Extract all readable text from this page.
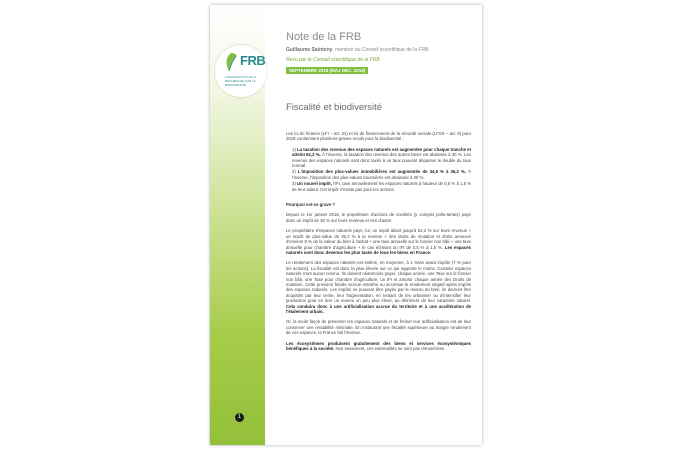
FRB
FONDATION POUR LA RECHERCHE SUR LA BIODIVERSITÉ
1
Note de la FRB
Guillaume Sainteny, membre du Conseil scientifique de la FRB
Revu par le Conseil scientifique de la FRB
SEPTEMBRE 2018 (MÀJ DÉC. 2018)
Fiscalité et biodiversité

Les loi de finance (LFI – art. 31) et loi de financement de la sécurité sociale (LFSS – art. 8) pour 2018 contiennent plusieurs graves reculs pour la biodiversité :

1) La taxation des revenus des espaces naturels est augmentée pour chaque tranche et atteint 62,2 %. À l'inverse, la taxation des revenus des autres biens est abaissée à 30 %. Les revenus des espaces naturels sont donc taxés à un taux pouvant dépasser le double du taux normal.
2) L'imposition des plus-values immobilières est augmentée de 34,5 % à 36,2 %. À l'inverse, l'imposition des plus-values boursières est abaissée à 30 %.
3) Un nouvel impôt, l'IFI, taxe annuellement les espaces naturels à hauteur de 0,5 % à 1,5 % de leur valeur. Cet impôt n'existe pas pour les actions.
Pourquoi est-ce grave ?

Depuis le 1er janvier 2018, le propriétaire d'actions de sociétés (y compris pollu-tantes) paye donc un impôt de 30 % sur leurs revenus et rien d'autre.

Le propriétaire d'espaces naturels paye, lui, un impôt allant jusqu'à 62,2 % sur leurs revenus + un impôt de plus-value de 36,2 % à la revente + des droits de mutation et droits annexes d'environ 8 % de la valeur du bien à l'achat + une taxe annuelle sur le foncier non bâti + une taxe annuelle pour chambre d'agriculture + le cas échéant un IFI de 0,5 % à 1,5 %. Les espaces naturels sont donc devenus les plus taxés de tous les biens en France.

Le rendement des espaces naturels est estimé, en moyenne, à 1 %/an avant impôts (7 % pour les actions). La fiscalité est donc la plus élevée sur ce qui rapporte le moins. Certains espaces naturels n'ont aucun revenu. Ils doivent néanmoins payer, chaque année, une Taxe sur le foncier non bâti, une Taxe pour chambre d'agriculture, un IFI et amortir chaque année des Droits de mutation. Cette pression fiscale accrue entraîne ou accentue le rendement négatif après impôts des espaces naturels. Les impôts ne pouvant être payés par le revenu du bien, ils devront être acquittés par leur vente, leur fragmentation, en tentant de les urbaniser ou d'intensifier leur production pour en tirer un revenu un peu plus élevé, au détriment de leur caractère naturel. Cela conduira donc à une artificialisation accrue du territoire et à une accélération de l'étalement urbain.

Or, la seule façon de préserver les espaces naturels et de freiner leur artificialisation est de leur conserver une rentabilité minimale. En instaurant une fiscalité supérieure au maigre rendement de ces espaces, la France fait l'inverse.

Les écosystèmes produisent gratuitement des biens et services écosystémiques bénéfiques à la société. Non seulement, ces externalités ne sont pas rémunérées
